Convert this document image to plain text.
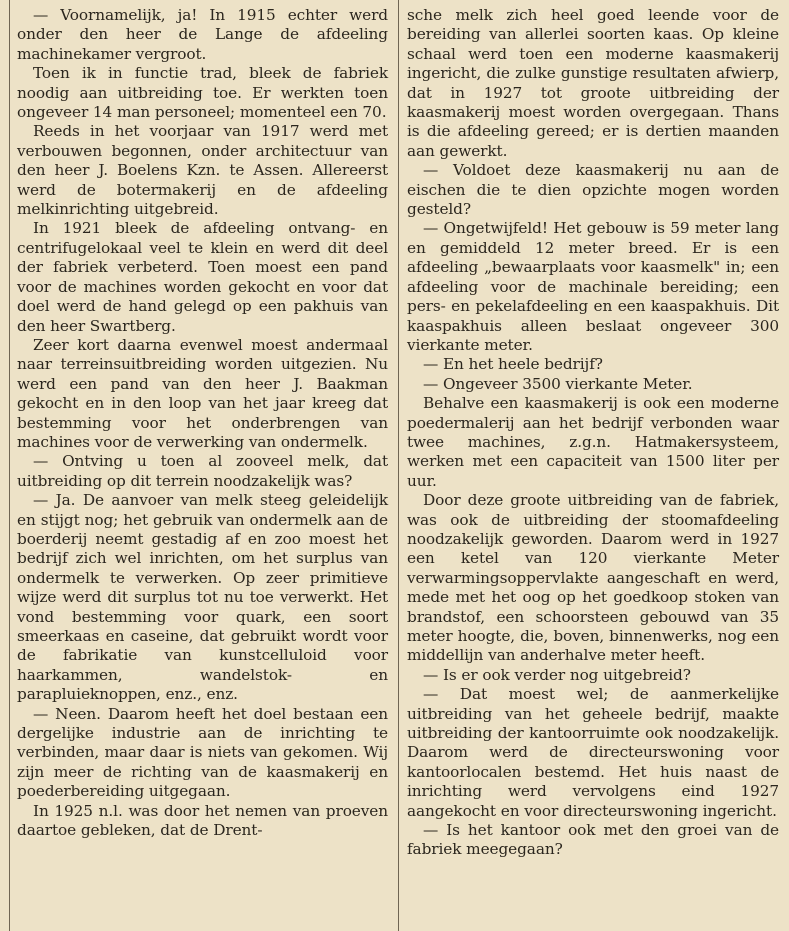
— Voornamelijk, ja! In 1915 echter werd onder den heer de Lange de afdeeling machinekamer vergroot.

Toen ik in functie trad, bleek de fabriek noodig aan uitbreiding toe. Er werkten toen ongeveer 14 man personeel; momenteel een 70.

Reeds in het voorjaar van 1917 werd met verbouwen begonnen, onder architectuur van den heer J. Boelens Kzn. te Assen. Allereerst werd de botermakerij en de afdeeling melkinrichting uitgebreid.

In 1921 bleek de afdeeling ontvang- en centrifugelokaal veel te klein en werd dit deel der fabriek verbeterd. Toen moest een pand voor de machines worden gekocht en voor dat doel werd de hand gelegd op een pakhuis van den heer Swartberg.

Zeer kort daarna evenwel moest andermaal naar terreinsuitbreiding worden uitgezien. Nu werd een pand van den heer J. Baakman gekocht en in den loop van het jaar kreeg dat bestemming voor het onderbrengen van machines voor de verwerking van ondermelk.

— Ontving u toen al zooveel melk, dat uitbreiding op dit terrein noodzakelijk was?

— Ja. De aanvoer van melk steeg geleidelijk en stijgt nog; het gebruik van ondermelk aan de boerderij neemt gestadig af en zoo moest het bedrijf zich wel inrichten, om het surplus van ondermelk te verwerken. Op zeer primitieve wijze werd dit surplus tot nu toe verwerkt. Het vond bestemming voor quark, een soort smeerkaas en caseine, dat gebruikt wordt voor de fabrikatie van kunstcelluloid voor haarkammen, wandelstok- en parapluieknoppen, enz., enz.

— Neen. Daarom heeft het doel bestaan een dergelijke industrie aan de inrichting te verbinden, maar daar is niets van gekomen. Wij zijn meer de richting van de kaasmakerij en poederbereiding uitgegaan.

In 1925 n.l. was door het nemen van proeven daartoe gebleken, dat de Drent-

sche melk zich heel goed leende voor de bereiding van allerlei soorten kaas. Op kleine schaal werd toen een moderne kaasmakerij ingericht, die zulke gunstige resultaten afwierp, dat in 1927 tot groote uitbreiding der kaasmakerij moest worden overgegaan. Thans is die afdeeling gereed; er is dertien maanden aan gewerkt.

— Voldoet deze kaasmakerij nu aan de eischen die te dien opzichte mogen worden gesteld?

— Ongetwijfeld! Het gebouw is 59 meter lang en gemiddeld 12 meter breed. Er is een afdeeling „bewaarplaats voor kaasmelk" in; een afdeeling voor de machinale bereiding; een pers- en pekelafdeeling en een kaaspakhuis. Dit kaaspakhuis alleen beslaat ongeveer 300 vierkante meter.

— En het heele bedrijf?

— Ongeveer 3500 vierkante Meter.

Behalve een kaasmakerij is ook een moderne poedermalerij aan het bedrijf verbonden waar twee machines, z.g.n. Hatmakersysteem, werken met een capaciteit van 1500 liter per uur.

Door deze groote uitbreiding van de fabriek, was ook de uitbreiding der stoomafdeeling noodzakelijk geworden. Daarom werd in 1927 een ketel van 120 vierkante Meter verwarmingsoppervlakte aangeschaft en werd, mede met het oog op het goedkoop stoken van brandstof, een schoorsteen gebouwd van 35 meter hoogte, die, boven, binnenwerks, nog een middellijn van anderhalve meter heeft.

— Is er ook verder nog uitgebreid?

— Dat moest wel; de aanmerkelijke uitbreiding van het geheele bedrijf, maakte uitbreiding der kantoorruimte ook noodzakelijk. Daarom werd de directeurswoning voor kantoorlocalen bestemd. Het huis naast de inrichting werd vervolgens eind 1927 aangekocht en voor directeurswoning ingericht.

— Is het kantoor ook met den groei van de fabriek meegegaan?
